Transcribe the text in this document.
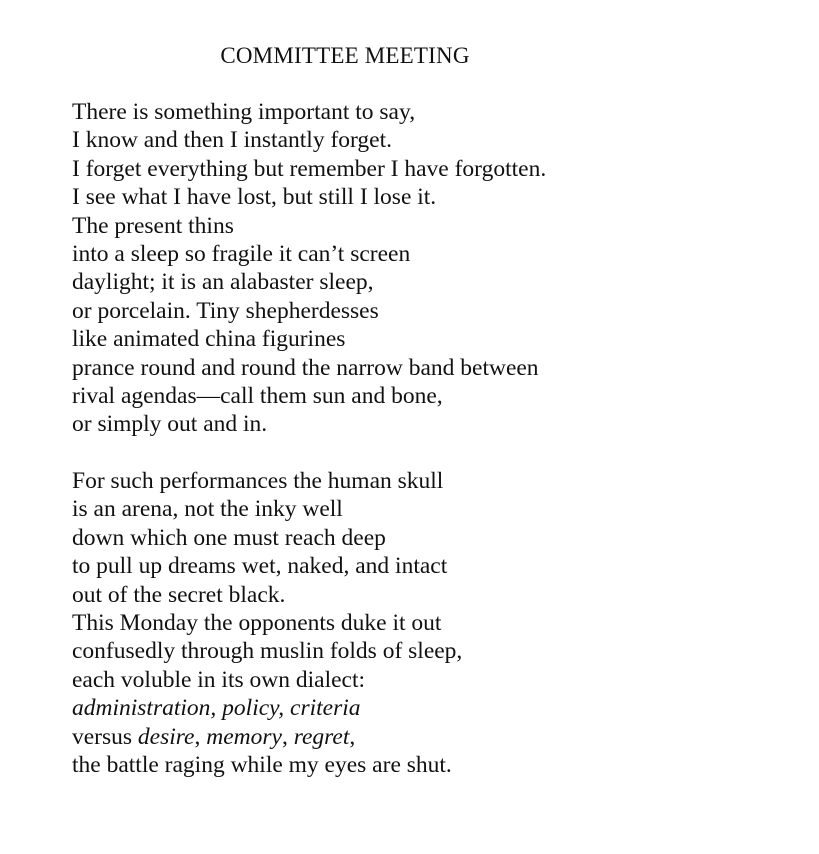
COMMITTEE MEETING
There is something important to say,
I know and then I instantly forget.
I forget everything but remember I have forgotten.
I see what I have lost, but still I lose it.
The present thins
into a sleep so fragile it can’t screen
daylight; it is an alabaster sleep,
or porcelain. Tiny shepherdesses
like animated china figurines
prance round and round the narrow band between
rival agendas—call them sun and bone,
or simply out and in.
For such performances the human skull
is an arena, not the inky well
down which one must reach deep
to pull up dreams wet, naked, and intact
out of the secret black.
This Monday the opponents duke it out
confusedly through muslin folds of sleep,
each voluble in its own dialect:
administration, policy, criteria
versus desire, memory, regret,
the battle raging while my eyes are shut.
